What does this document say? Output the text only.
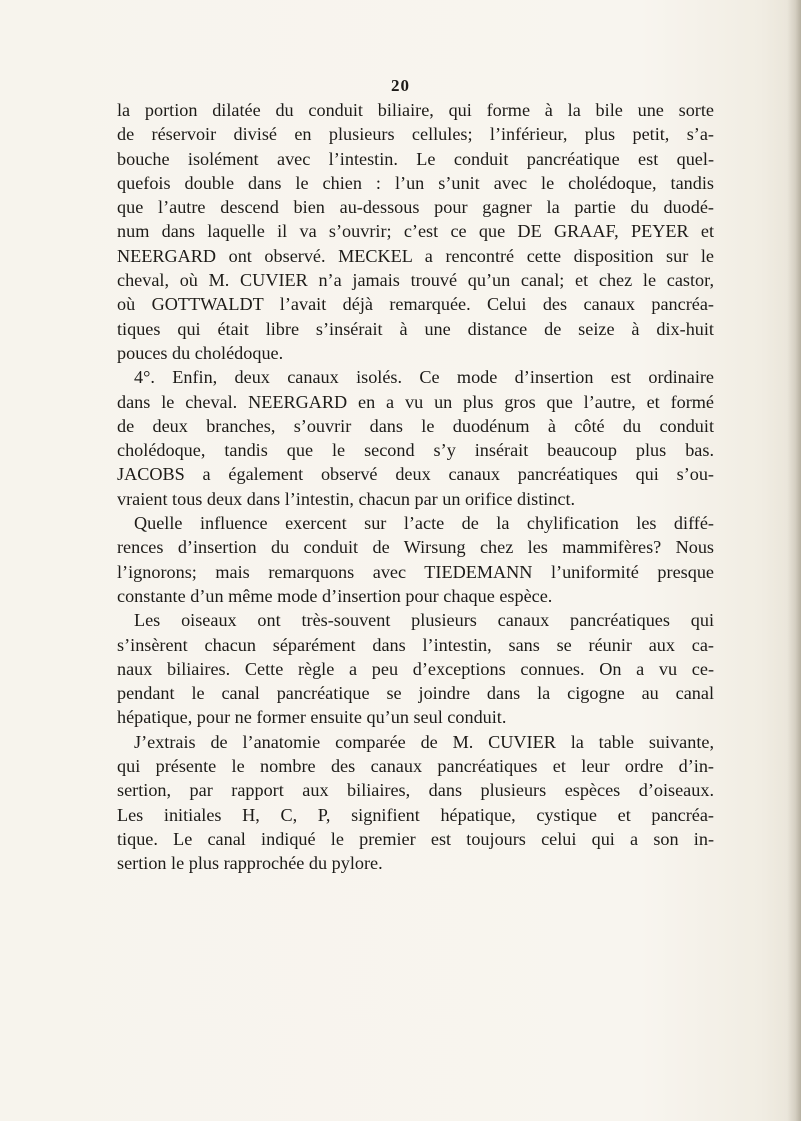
20
la portion dilatée du conduit biliaire, qui forme à la bile une sorte
de réservoir divisé en plusieurs cellules; l’inférieur, plus petit, s’a-
bouche isolément avec l’intestin. Le conduit pancréatique est quel-
quefois double dans le chien : l’un s’unit avec le cholédoque, tandis
que l’autre descend bien au-dessous pour gagner la partie du duodé-
num dans laquelle il va s’ouvrir; c’est ce que DE GRAAF, PEYER et
NEERGARD ont observé. MECKEL a rencontré cette disposition sur le
cheval, où M. CUVIER n’a jamais trouvé qu’un canal; et chez le castor,
où GOTTWALDT l’avait déjà remarquée. Celui des canaux pancréa-
tiques qui était libre s’insérait à une distance de seize à dix-huit
pouces du cholédoque.
4°. Enfin, deux canaux isolés. Ce mode d’insertion est ordinaire
dans le cheval. NEERGARD en a vu un plus gros que l’autre, et formé
de deux branches, s’ouvrir dans le duodénum à côté du conduit
cholédoque, tandis que le second s’y insérait beaucoup plus bas.
JACOBS a également observé deux canaux pancréatiques qui s’ou-
vraient tous deux dans l’intestin, chacun par un orifice distinct.
Quelle influence exercent sur l’acte de la chylification les diffé-
rences d’insertion du conduit de Wirsung chez les mammifères? Nous
l’ignorons; mais remarquons avec TIEDEMANN l’uniformité presque
constante d’un même mode d’insertion pour chaque espèce.
Les oiseaux ont très-souvent plusieurs canaux pancréatiques qui
s’insèrent chacun séparément dans l’intestin, sans se réunir aux ca-
naux biliaires. Cette règle a peu d’exceptions connues. On a vu ce-
pendant le canal pancréatique se joindre dans la cigogne au canal
hépatique, pour ne former ensuite qu’un seul conduit.
J’extrais de l’anatomie comparée de M. CUVIER la table suivante,
qui présente le nombre des canaux pancréatiques et leur ordre d’in-
sertion, par rapport aux biliaires, dans plusieurs espèces d’oiseaux.
Les initiales H, C, P, signifient hépatique, cystique et pancréa-
tique. Le canal indiqué le premier est toujours celui qui a son in-
sertion le plus rapprochée du pylore.
